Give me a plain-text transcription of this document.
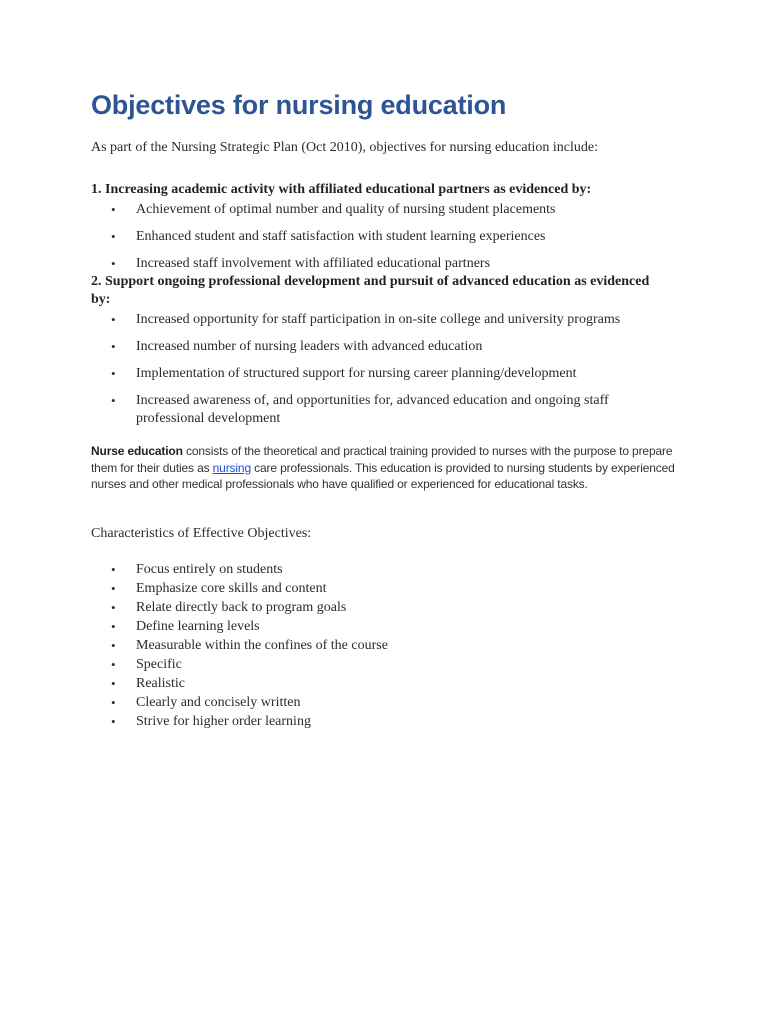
Objectives for nursing education
As part of the Nursing Strategic Plan (Oct 2010), objectives for nursing education include:
1. Increasing academic activity with affiliated educational partners as evidenced by:
• Achievement of optimal number and quality of nursing student placements
• Enhanced student and staff satisfaction with student learning experiences
• Increased staff involvement with affiliated educational partners
2. Support ongoing professional development and pursuit of advanced education as evidenced by:
• Increased opportunity for staff participation in on-site college and university programs
• Increased number of nursing leaders with advanced education
• Implementation of structured support for nursing career planning/development
• Increased awareness of, and opportunities for, advanced education and ongoing staff professional development
Nurse education consists of the theoretical and practical training provided to nurses with the purpose to prepare them for their duties as nursing care professionals. This education is provided to nursing students by experienced nurses and other medical professionals who have qualified or experienced for educational tasks.
Characteristics of Effective Objectives:
• Focus entirely on students
• Emphasize core skills and content
• Relate directly back to program goals
• Define learning levels
• Measurable within the confines of the course
• Specific
• Realistic
• Clearly and concisely written
• Strive for higher order learning
